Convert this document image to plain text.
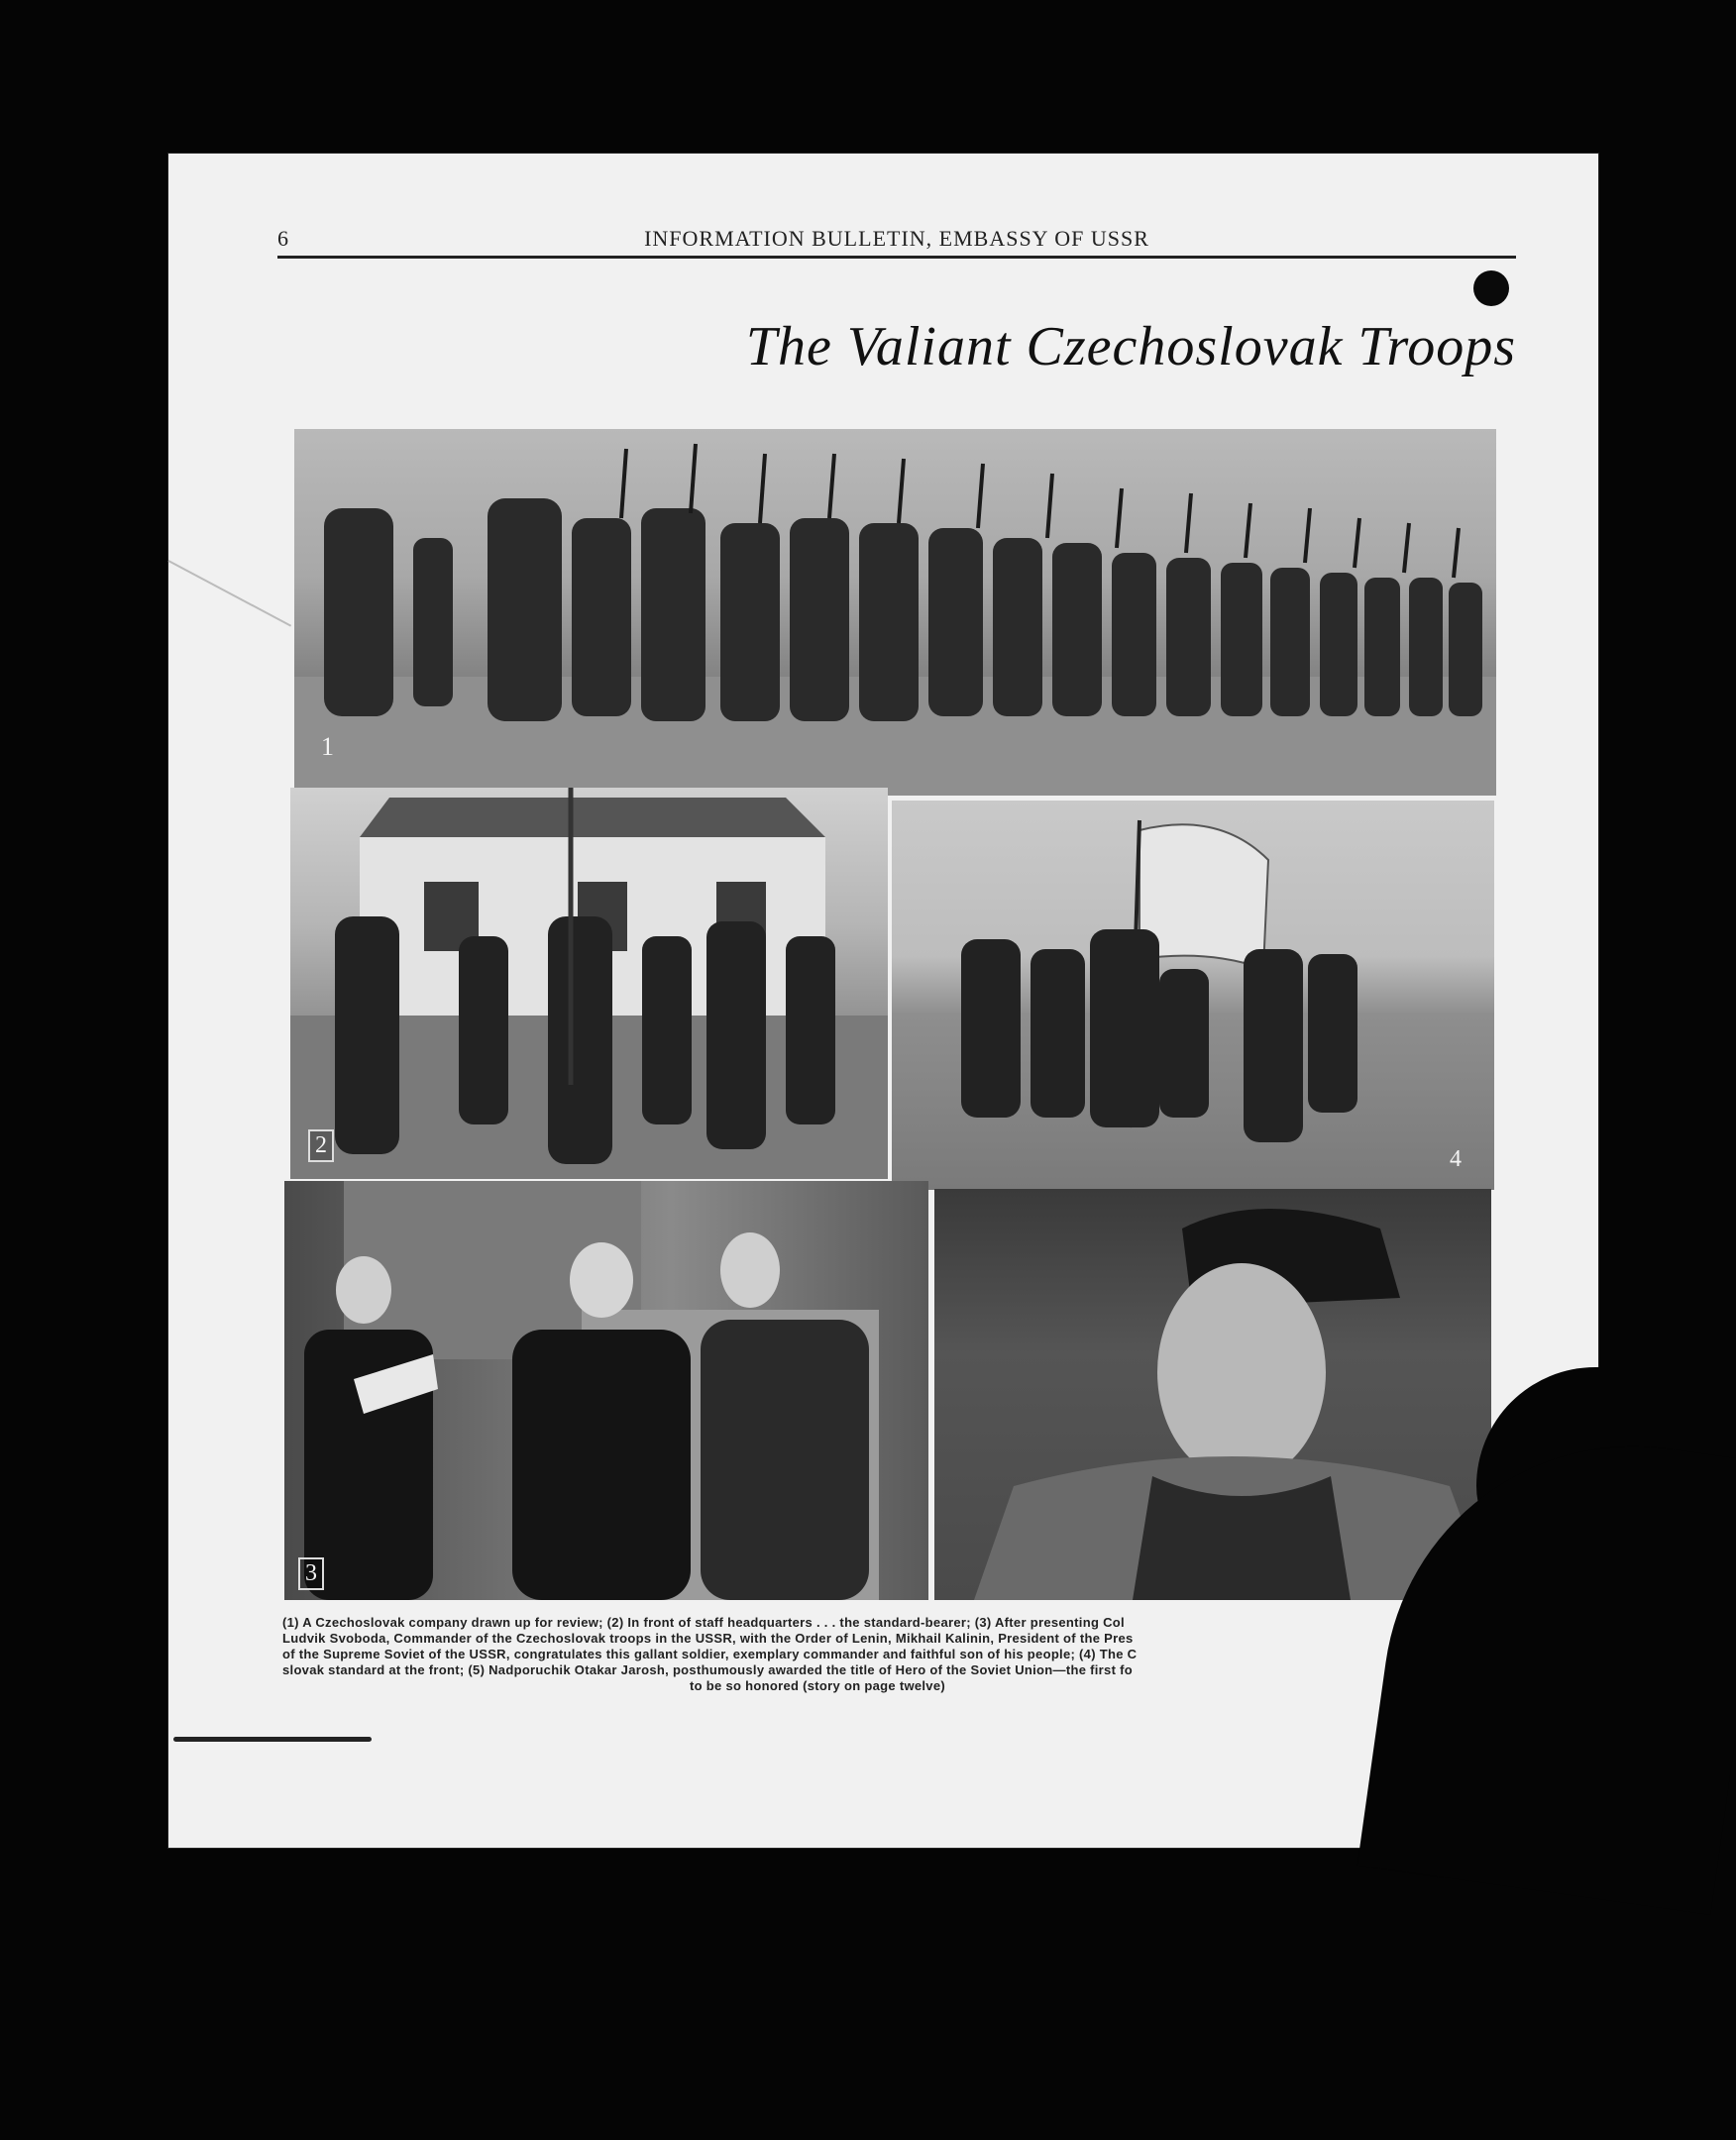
6	INFORMATION BULLETIN, EMBASSY OF USSR
The Valiant Czechoslovak Troops
1
2
4
3
(1) A Czechoslovak company drawn up for review; (2) In front of staff headquarters . . . the standard-bearer; (3) After presenting Col
Ludvik Svoboda, Commander of the Czechoslovak troops in the USSR, with the Order of Lenin, Mikhail Kalinin, President of the Pres
of the Supreme Soviet of the USSR, congratulates this gallant soldier, exemplary commander and faithful son of his people; (4) The C
slovak standard at the front; (5) Nadporuchik Otakar Jarosh, posthumously awarded the title of Hero of the Soviet Union—the first fo
to be so honored (story on page twelve)
